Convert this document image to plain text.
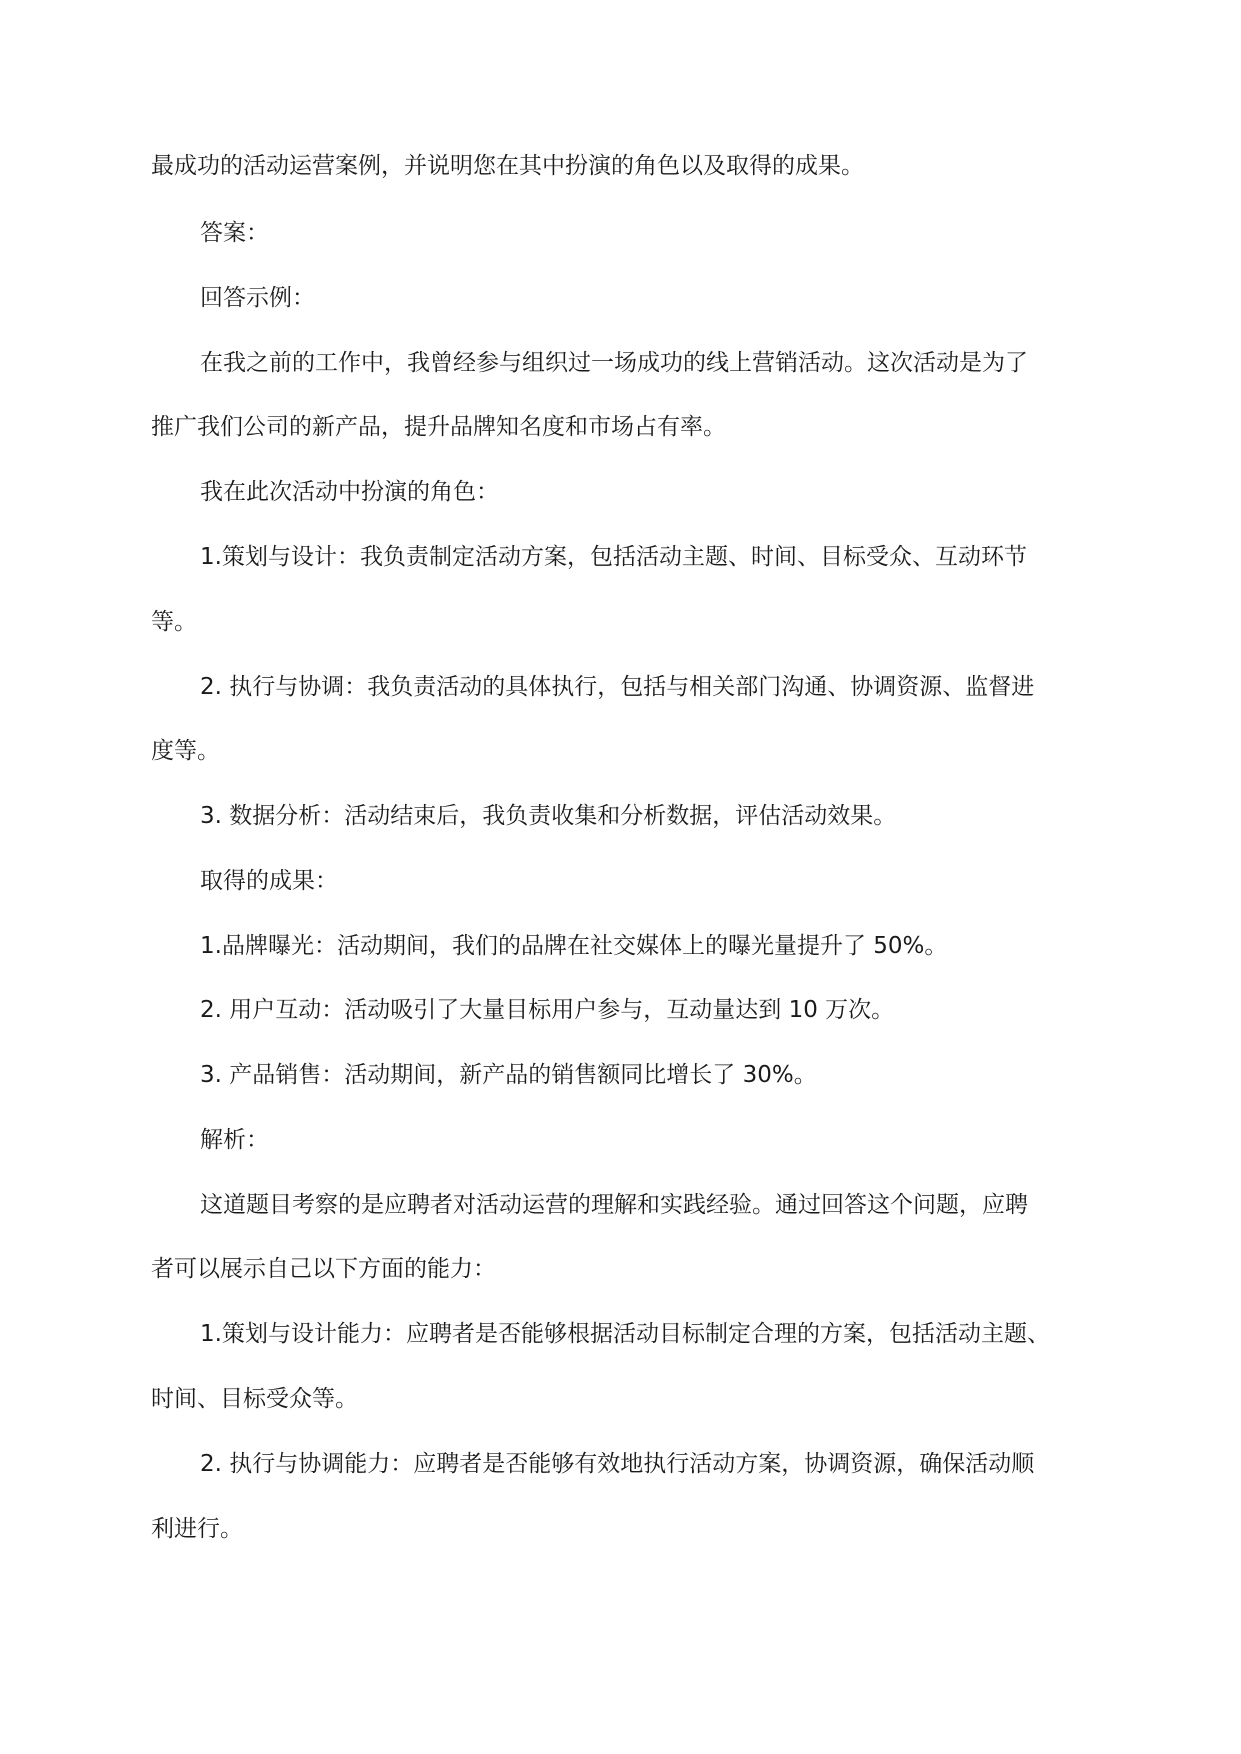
最成功的活动运营案例，并说明您在其中扮演的角色以及取得的成果。
答案：
回答示例：
在我之前的工作中，我曾经参与组织过一场成功的线上营销活动。这次活动是为了
推广我们公司的新产品，提升品牌知名度和市场占有率。
我在此次活动中扮演的角色：
1.策划与设计：我负责制定活动方案，包括活动主题、时间、目标受众、互动环节
等。
2. 执行与协调：我负责活动的具体执行，包括与相关部门沟通、协调资源、监督进
度等。
3. 数据分析：活动结束后，我负责收集和分析数据，评估活动效果。
取得的成果：
1.品牌曝光：活动期间，我们的品牌在社交媒体上的曝光量提升了 50%。
2. 用户互动：活动吸引了大量目标用户参与，互动量达到 10 万次。
3. 产品销售：活动期间，新产品的销售额同比增长了 30%。
解析：
这道题目考察的是应聘者对活动运营的理解和实践经验。通过回答这个问题，应聘
者可以展示自己以下方面的能力：
1.策划与设计能力：应聘者是否能够根据活动目标制定合理的方案，包括活动主题、
时间、目标受众等。
2. 执行与协调能力：应聘者是否能够有效地执行活动方案，协调资源，确保活动顺
利进行。
